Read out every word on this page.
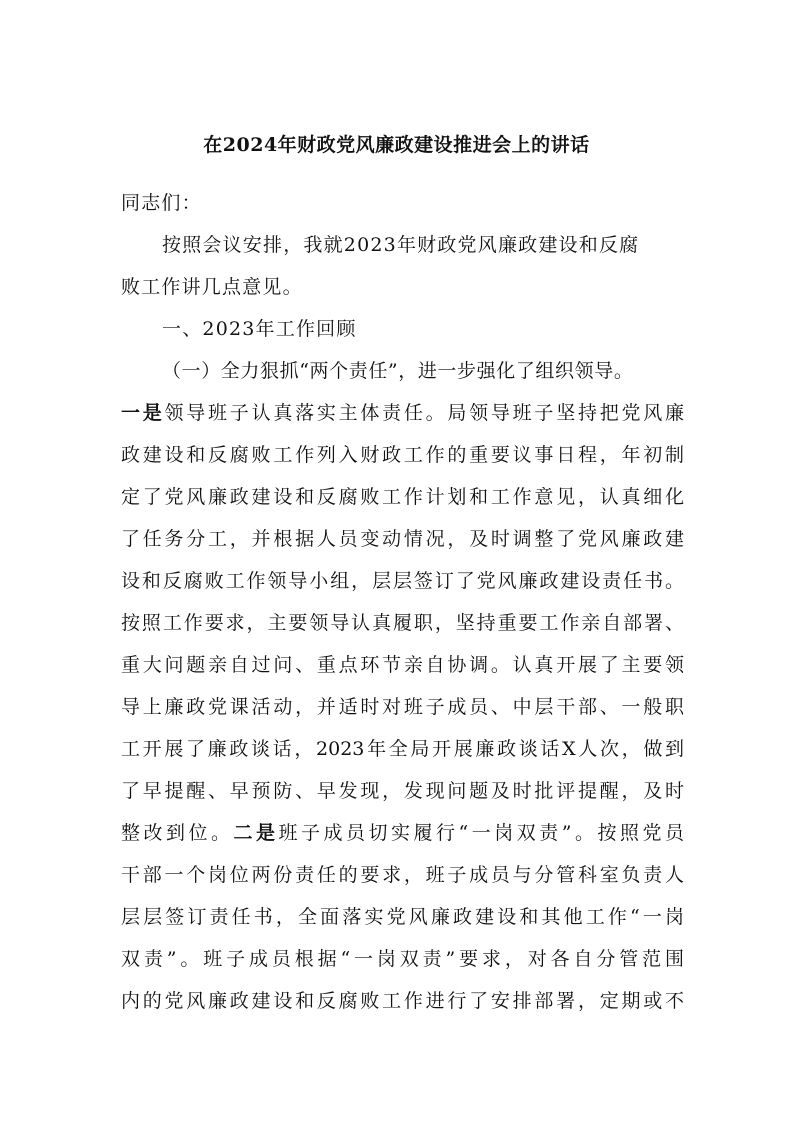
在2024年财政党风廉政建设推进会上的讲话
同志们：
按照会议安排，我就2023年财政党风廉政建设和反腐
败工作讲几点意见。
一、2023年工作回顾
（一）全力狠抓“两个责任”，进一步强化了组织领导。
一是领导班子认真落实主体责任。局领导班子坚持把党风廉
政建设和反腐败工作列入财政工作的重要议事日程，年初制
定了党风廉政建设和反腐败工作计划和工作意见，认真细化
了任务分工，并根据人员变动情况，及时调整了党风廉政建
设和反腐败工作领导小组，层层签订了党风廉政建设责任书。
按照工作要求，主要领导认真履职，坚持重要工作亲自部署、
重大问题亲自过问、重点环节亲自协调。认真开展了主要领
导上廉政党课活动，并适时对班子成员、中层干部、一般职
工开展了廉政谈话，2023年全局开展廉政谈话X人次，做到
了早提醒、早预防、早发现，发现问题及时批评提醒，及时
整改到位。二是班子成员切实履行“一岗双责”。按照党员
干部一个岗位两份责任的要求，班子成员与分管科室负责人
层层签订责任书，全面落实党风廉政建设和其他工作“一岗
双责”。班子成员根据“一岗双责”要求，对各自分管范围
内的党风廉政建设和反腐败工作进行了安排部署，定期或不
